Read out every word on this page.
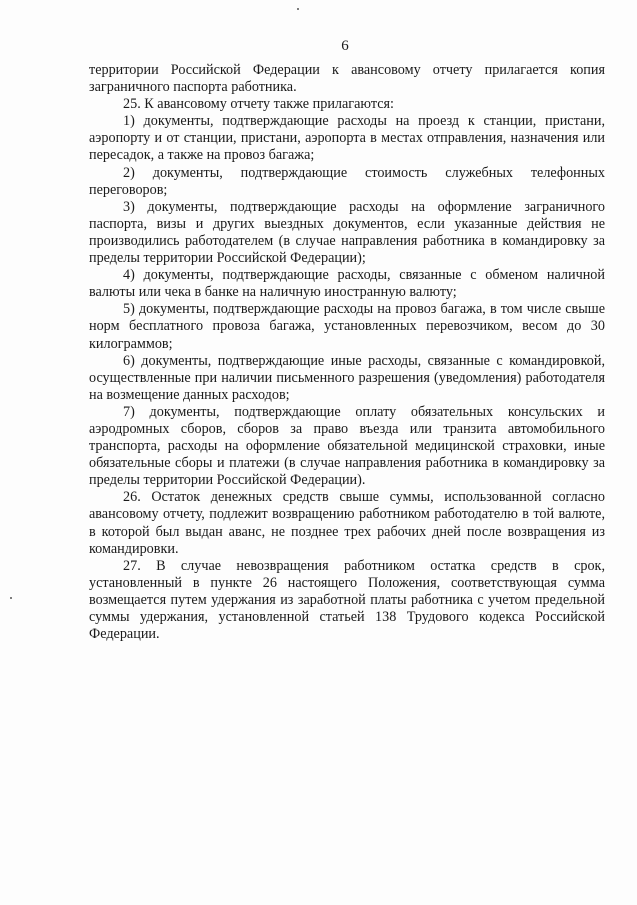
6

территории Российской Федерации к авансовому отчету прилагается копия заграничного паспорта работника.

25. К авансовому отчету также прилагаются:

1) документы, подтверждающие расходы на проезд к станции, пристани, аэропорту и от станции, пристани, аэропорта в местах отправления, назначения или пересадок, а также на провоз багажа;

2) документы, подтверждающие стоимость служебных телефонных переговоров;

3) документы, подтверждающие расходы на оформление заграничного паспорта, визы и других выездных документов, если указанные действия не производились работодателем (в случае направления работника в командировку за пределы территории Российской Федерации);

4) документы, подтверждающие расходы, связанные с обменом наличной валюты или чека в банке на наличную иностранную валюту;

5) документы, подтверждающие расходы на провоз багажа, в том числе свыше норм бесплатного провоза багажа, установленных перевозчиком, весом до 30 килограммов;

6) документы, подтверждающие иные расходы, связанные с командировкой, осуществленные при наличии письменного разрешения (уведомления) работодателя на возмещение данных расходов;

7) документы, подтверждающие оплату обязательных консульских и аэродромных сборов, сборов за право въезда или транзита автомобильного транспорта, расходы на оформление обязательной медицинской страховки, иные обязательные сборы и платежи (в случае направления работника в командировку за пределы территории Российской Федерации).

26. Остаток денежных средств свыше суммы, использованной согласно авансовому отчету, подлежит возвращению работником работодателю в той валюте, в которой был выдан аванс, не позднее трех рабочих дней после возвращения из командировки.

27. В случае невозвращения работником остатка средств в срок, установленный в пункте 26 настоящего Положения, соответствующая сумма возмещается путем удержания из заработной платы работника с учетом предельной суммы удержания, установленной статьей 138 Трудового кодекса Российской Федерации.
